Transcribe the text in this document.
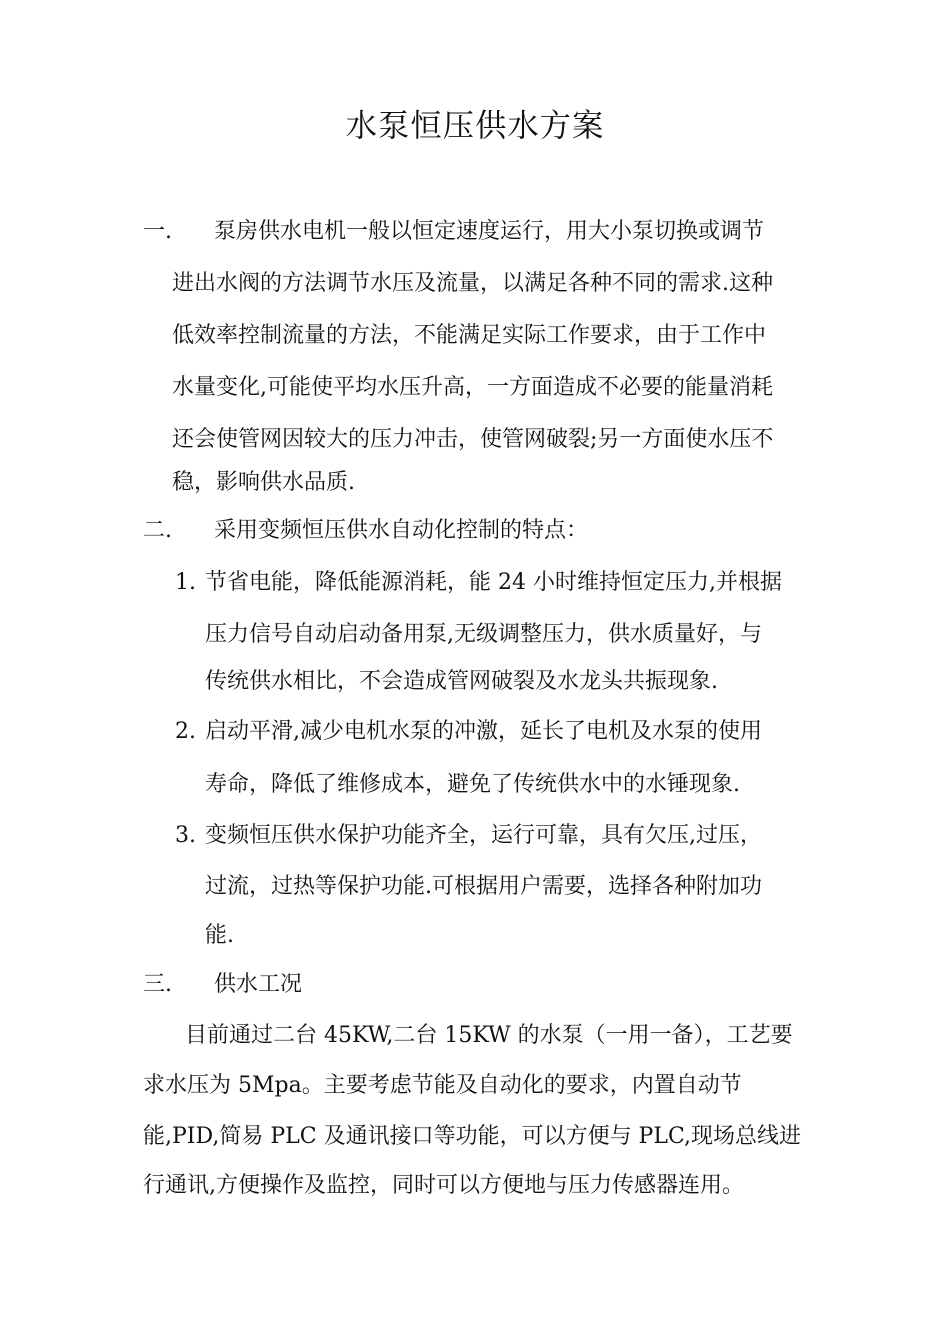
水泵恒压供水方案
一. 泵房供水电机一般以恒定速度运行，用大小泵切换或调节
进出水阀的方法调节水压及流量，以满足各种不同的需求.这种
低效率控制流量的方法，不能满足实际工作要求，由于工作中
水量变化,可能使平均水压升高，一方面造成不必要的能量消耗
还会使管网因较大的压力冲击，使管网破裂;另一方面使水压不
稳，影响供水品质.
二. 采用变频恒压供水自动化控制的特点：
1. 节省电能，降低能源消耗，能 24 小时维持恒定压力,并根据
压力信号自动启动备用泵,无级调整压力，供水质量好，与
传统供水相比，不会造成管网破裂及水龙头共振现象.
2. 启动平滑,减少电机水泵的冲激，延长了电机及水泵的使用
寿命，降低了维修成本，避免了传统供水中的水锤现象.
3. 变频恒压供水保护功能齐全，运行可靠，具有欠压,过压，
过流，过热等保护功能.可根据用户需要，选择各种附加功
能.
三. 供水工况
目前通过二台 45KW,二台 15KW 的水泵（一用一备），工艺要
求水压为 5Mpa。主要考虑节能及自动化的要求，内置自动节
能,PID,简易 PLC 及通讯接口等功能，可以方便与 PLC,现场总线进
行通讯,方便操作及监控，同时可以方便地与压力传感器连用。
